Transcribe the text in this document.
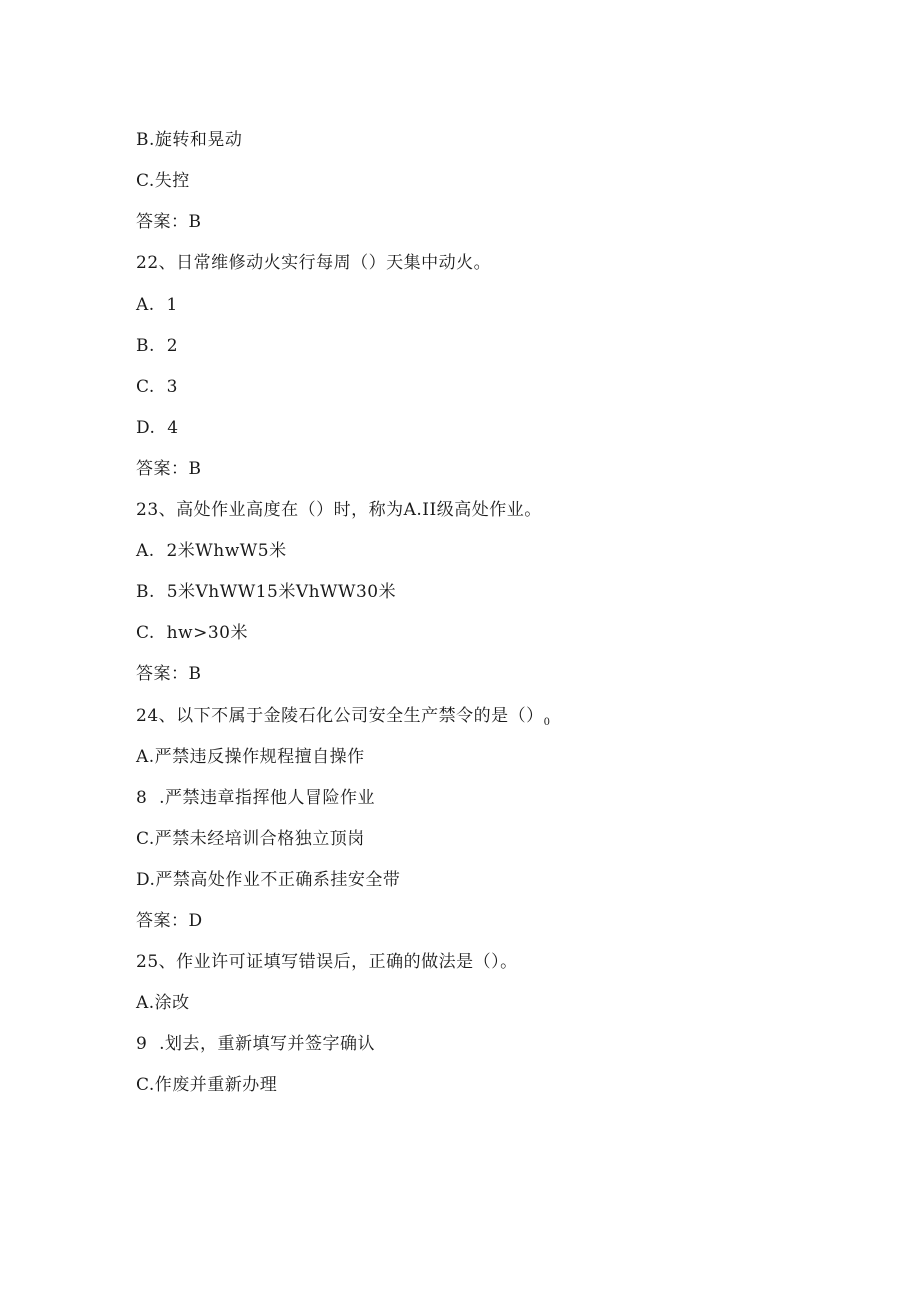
B.旋转和晃动
C.失控
答案：B
22、日常维修动火实行每周（）天集中动火。
A.  1
B.  2
C.  3
D.  4
答案：B
23、高处作业高度在（）时，称为A.II级高处作业。
A.  2米WhwW5米
B.  5米VhWW15米VhWW30米
C.  hw>30米
答案：B
24、以下不属于金陵石化公司安全生产禁令的是$()_0$
A.严禁违反操作规程擅自操作
8  .严禁违章指挥他人冒险作业
C.严禁未经培训合格独立顶岗
D.严禁高处作业不正确系挂安全带
答案：D
25、作业许可证填写错误后，正确的做法是（）。
A.涂改
9  .划去，重新填写并签字确认
C.作废并重新办理
